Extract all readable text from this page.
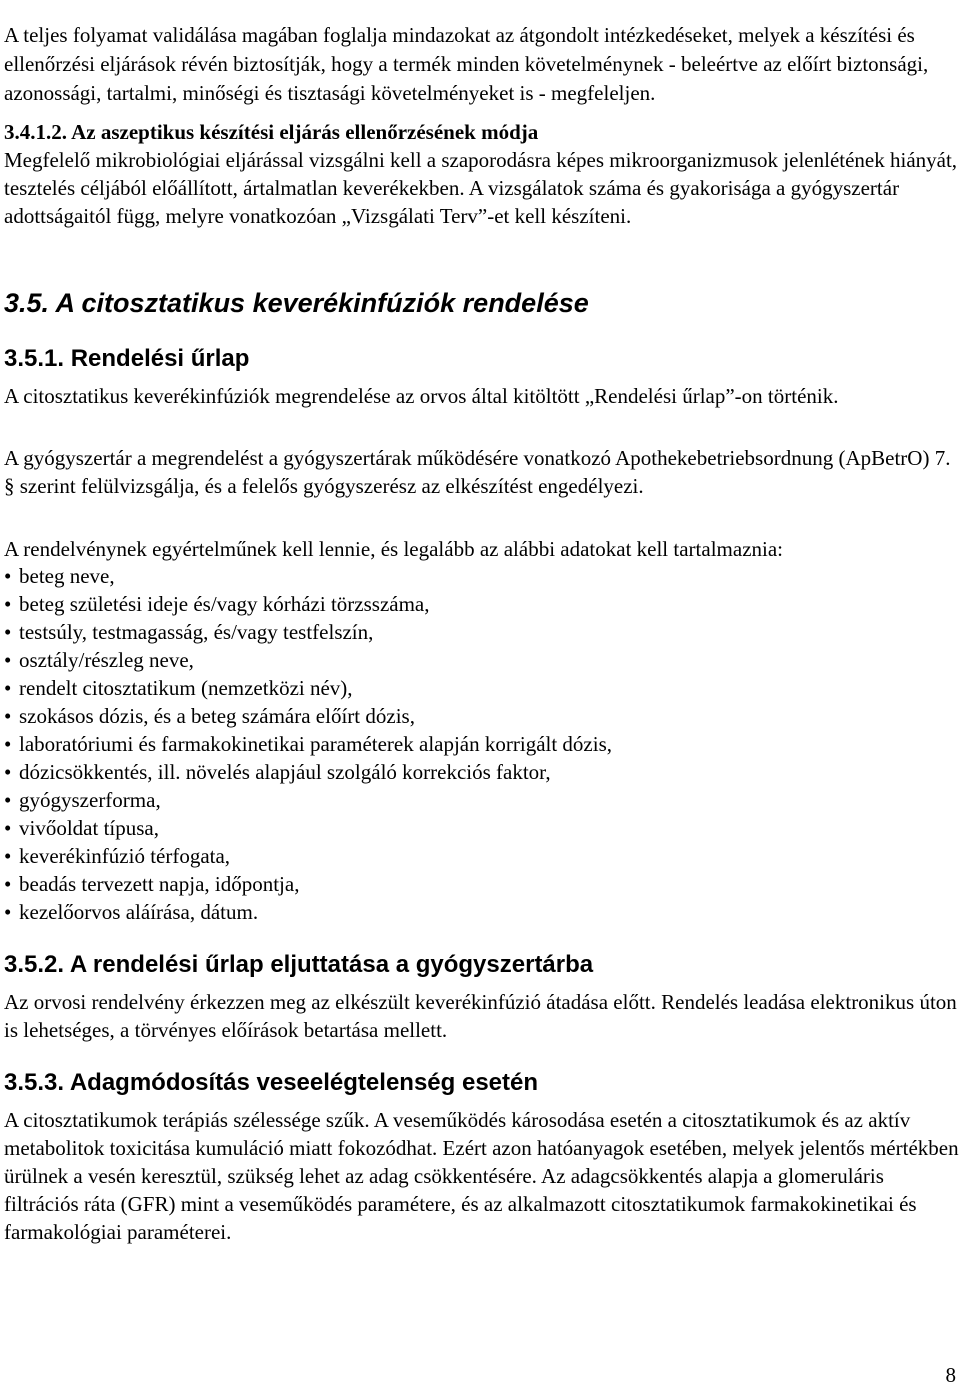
A teljes folyamat validálása magában foglalja mindazokat az átgondolt intézkedéseket, melyek a készítési és ellenőrzési eljárások révén biztosítják, hogy a termék minden követelménynek - beleértve az előírt biztonsági, azonossági, tartalmi, minőségi és tisztasági követelményeket is - megfeleljen.

3.4.1.2. Az aszeptikus készítési eljárás ellenőrzésének módja
Megfelelő mikrobiológiai eljárással vizsgálni kell a szaporodásra képes mikroorganizmusok jelenlétének hiányát, tesztelés céljából előállított, ártalmatlan keverékekben. A vizsgálatok száma és gyakorisága a gyógyszertár adottságaitól függ, melyre vonatkozóan „Vizsgálati Terv”-et kell készíteni.

3.5. A citosztatikus keverékinfúziók rendelése
3.5.1. Rendelési űrlap

A citosztatikus keverékinfúziók megrendelése az orvos által kitöltött „Rendelési űrlap”-on történik.

A gyógyszertár a megrendelést a gyógyszertárak működésére vonatkozó Apothekebetriebsordnung (ApBetrO) 7. § szerint felülvizsgálja, és a felelős gyógyszerész az elkészítést engedélyezi.

A rendelvénynek egyértelműnek kell lennie, és legalább az alábbi adatokat kell tartalmaznia:

• beteg neve,
• beteg születési ideje és/vagy kórházi törzsszáma,
• testsúly, testmagasság, és/vagy testfelszín,
• osztály/részleg neve,
• rendelt citosztatikum (nemzetközi név),
• szokásos dózis, és a beteg számára előírt dózis,
• laboratóriumi és farmakokinetikai paraméterek alapján korrigált dózis,
• dózicsökkentés, ill. növelés alapjául szolgáló korrekciós faktor,
• gyógyszerforma,
• vivőoldat típusa,
• keverékinfúzió térfogata,
• beadás tervezett napja, időpontja,
• kezelőorvos aláírása, dátum.
3.5.2. A rendelési űrlap eljuttatása a gyógyszertárba

Az orvosi rendelvény érkezzen meg az elkészült keverékinfúzió átadása előtt. Rendelés leadása elektronikus úton is lehetséges, a törvényes előírások betartása mellett.

3.5.3. Adagmódosítás veseelégtelenség esetén

A citosztatikumok terápiás szélessége szűk. A veseműködés károsodása esetén a citosztatikumok és az aktív metabolitok toxicitása kumuláció miatt fokozódhat. Ezért azon hatóanyagok esetében, melyek jelentős mértékben ürülnek a vesén keresztül, szükség lehet az adag csökkentésére. Az adagcsökkentés alapja a glomeruláris filtrációs ráta (GFR) mint a veseműködés paramétere, és az alkalmazott citosztatikumok farmakokinetikai és farmakológiai paraméterei.

8
